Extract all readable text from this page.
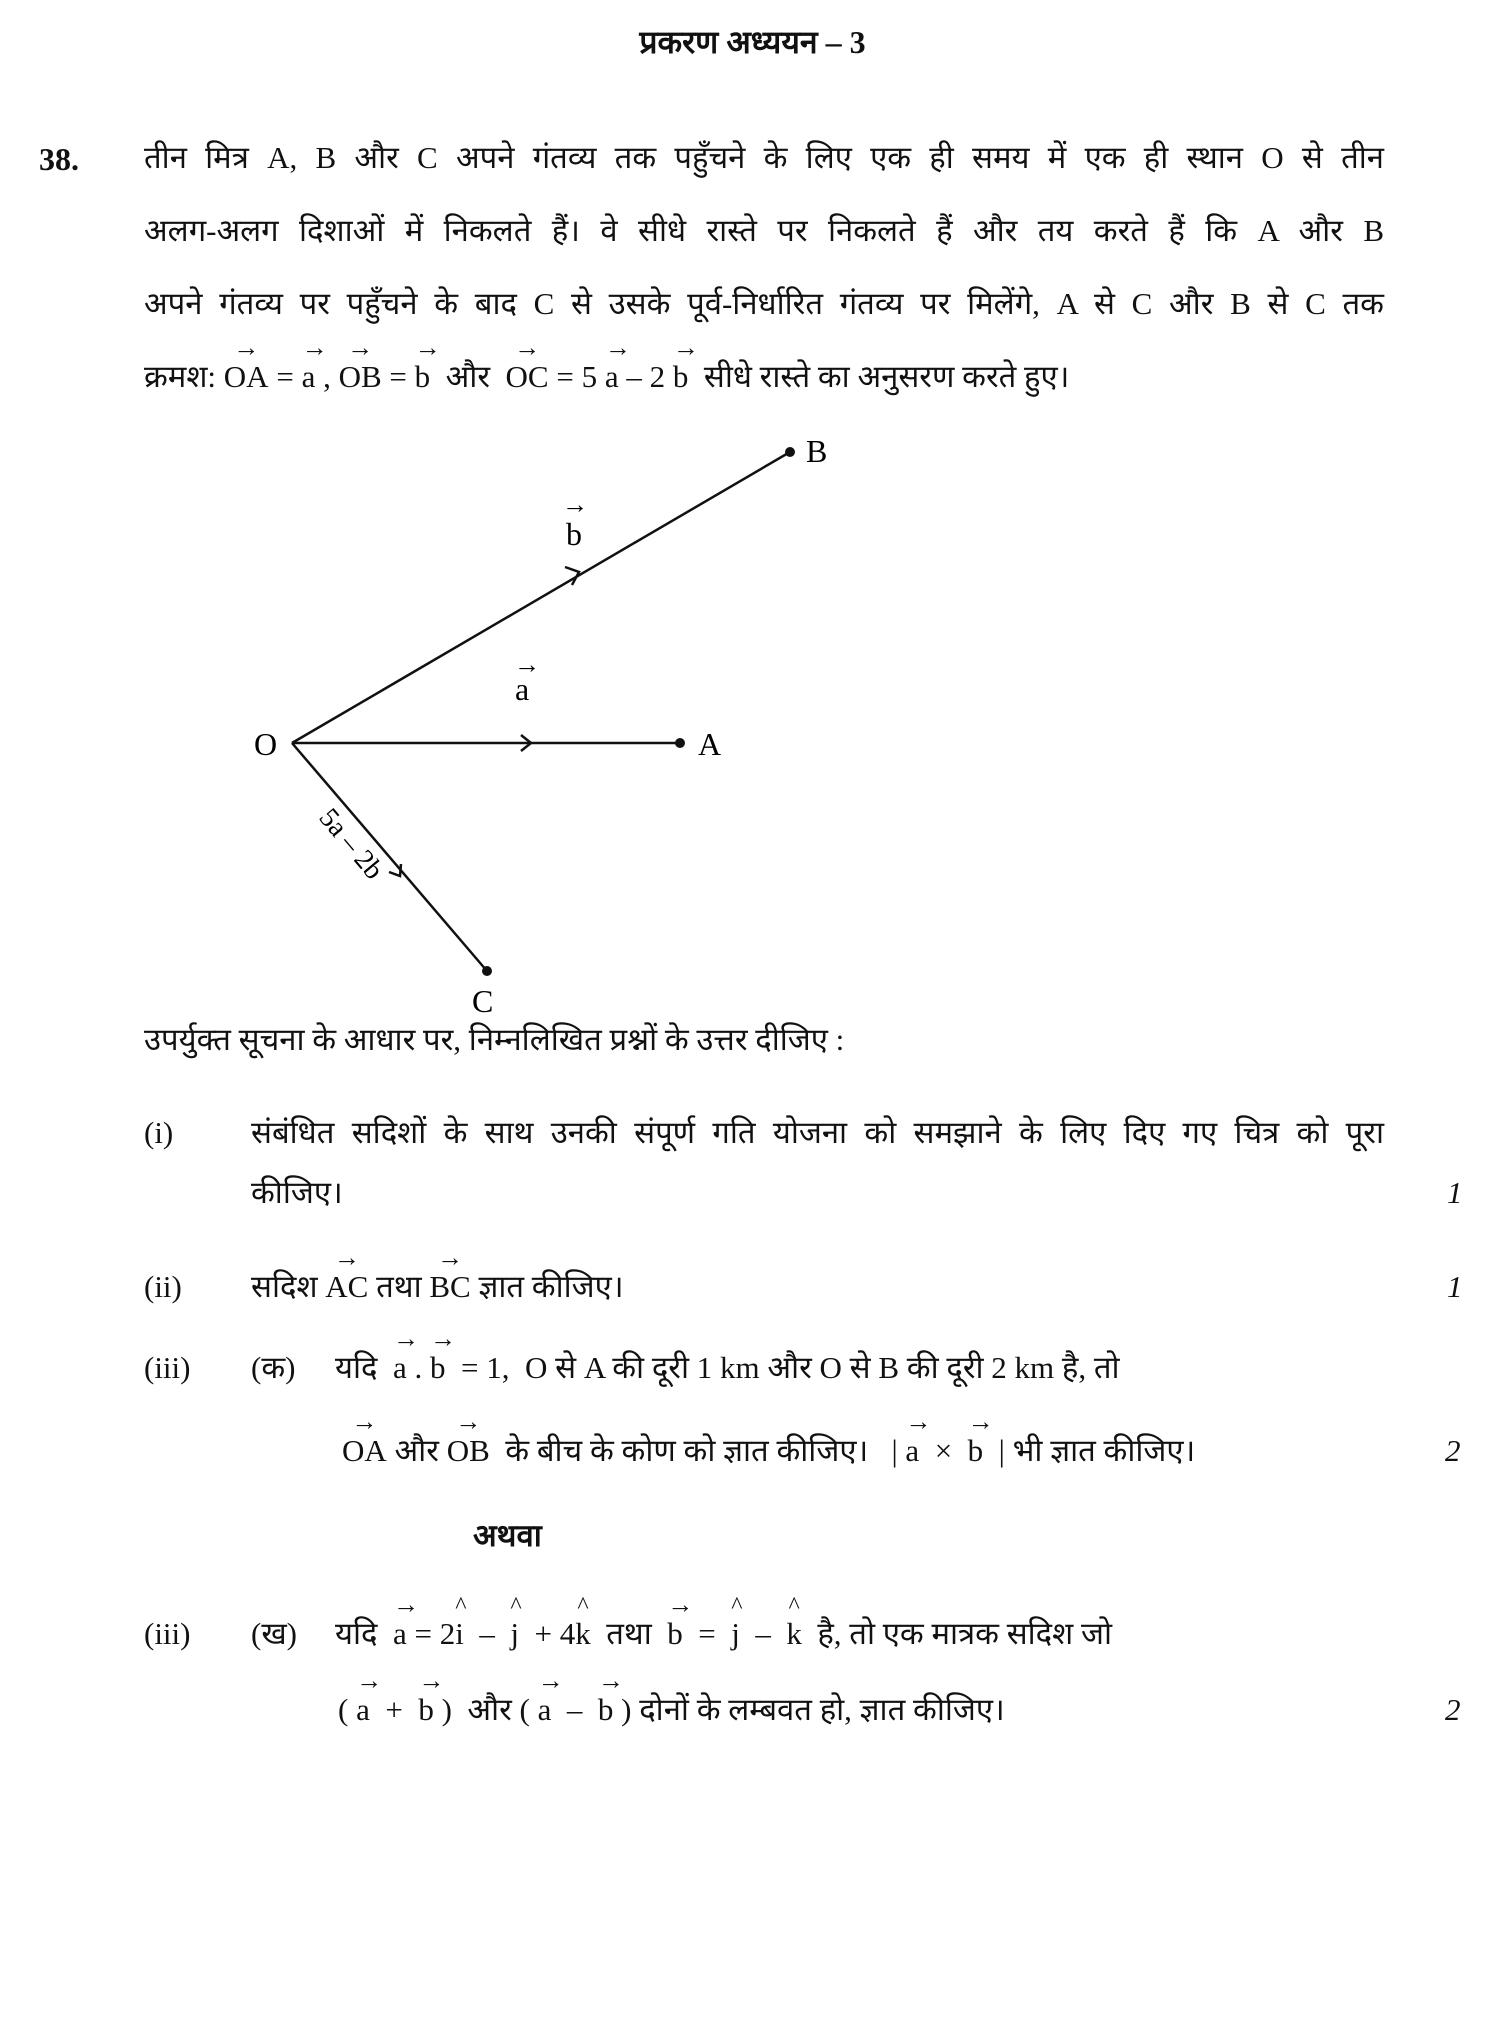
प्रकरण अध्ययन – 3
38. तीन मित्र A, B और C अपने गंतव्य तक पहुँचने के लिए एक ही समय में एक ही स्थान O से तीन
अलग-अलग दिशाओं में निकलते हैं। वे सीधे रास्ते पर निकलते हैं और तय करते हैं कि A और B
अपने गंतव्य पर पहुँचने के बाद C से उसके पूर्व-निर्धारित गंतव्य पर मिलेंगे, A से C और B से C तक
क्रमश:
→
OA =
→
a ,
→
OB =
→
b  और
→
OC = 5
→
a – 2
→
b  सीधे रास्ते का अनुसरण करते हुए।
B
A
O
C
b
→
a
→
5a – 2b
उपर्युक्त सूचना के आधार पर, निम्नलिखित प्रश्नों के उत्तर दीजिए :
(i)	संबंधित सदिशों के साथ उनकी संपूर्ण गति योजना को समझाने के लिए दिए गए चित्र को पूरा
कीजिए।	1
(ii) सदिश
→
AC तथा
→
BC ज्ञात कीजिए।	1
(iii) (क) यदि
→
a .
→
b  = 1,  O से A की दूरी 1 km और O से B की दूरी 2 km है, तो
→
OA और
→
OB  के बीच के कोण को ज्ञात कीजिए।   |
→
a  ×
→
b  | भी ज्ञात कीजिए।	2
अथवा
(iii) (ख) यदि
→
a = 2
^
i  –
^
j  + 4
^
k  तथा
→
b  =
^
j  –
^
k  है, तो एक मात्रक सदिश जो
(
→
a  +
→
b )  और (
→
a  –
→
b ) दोनों के लम्बवत हो, ज्ञात कीजिए।	2
